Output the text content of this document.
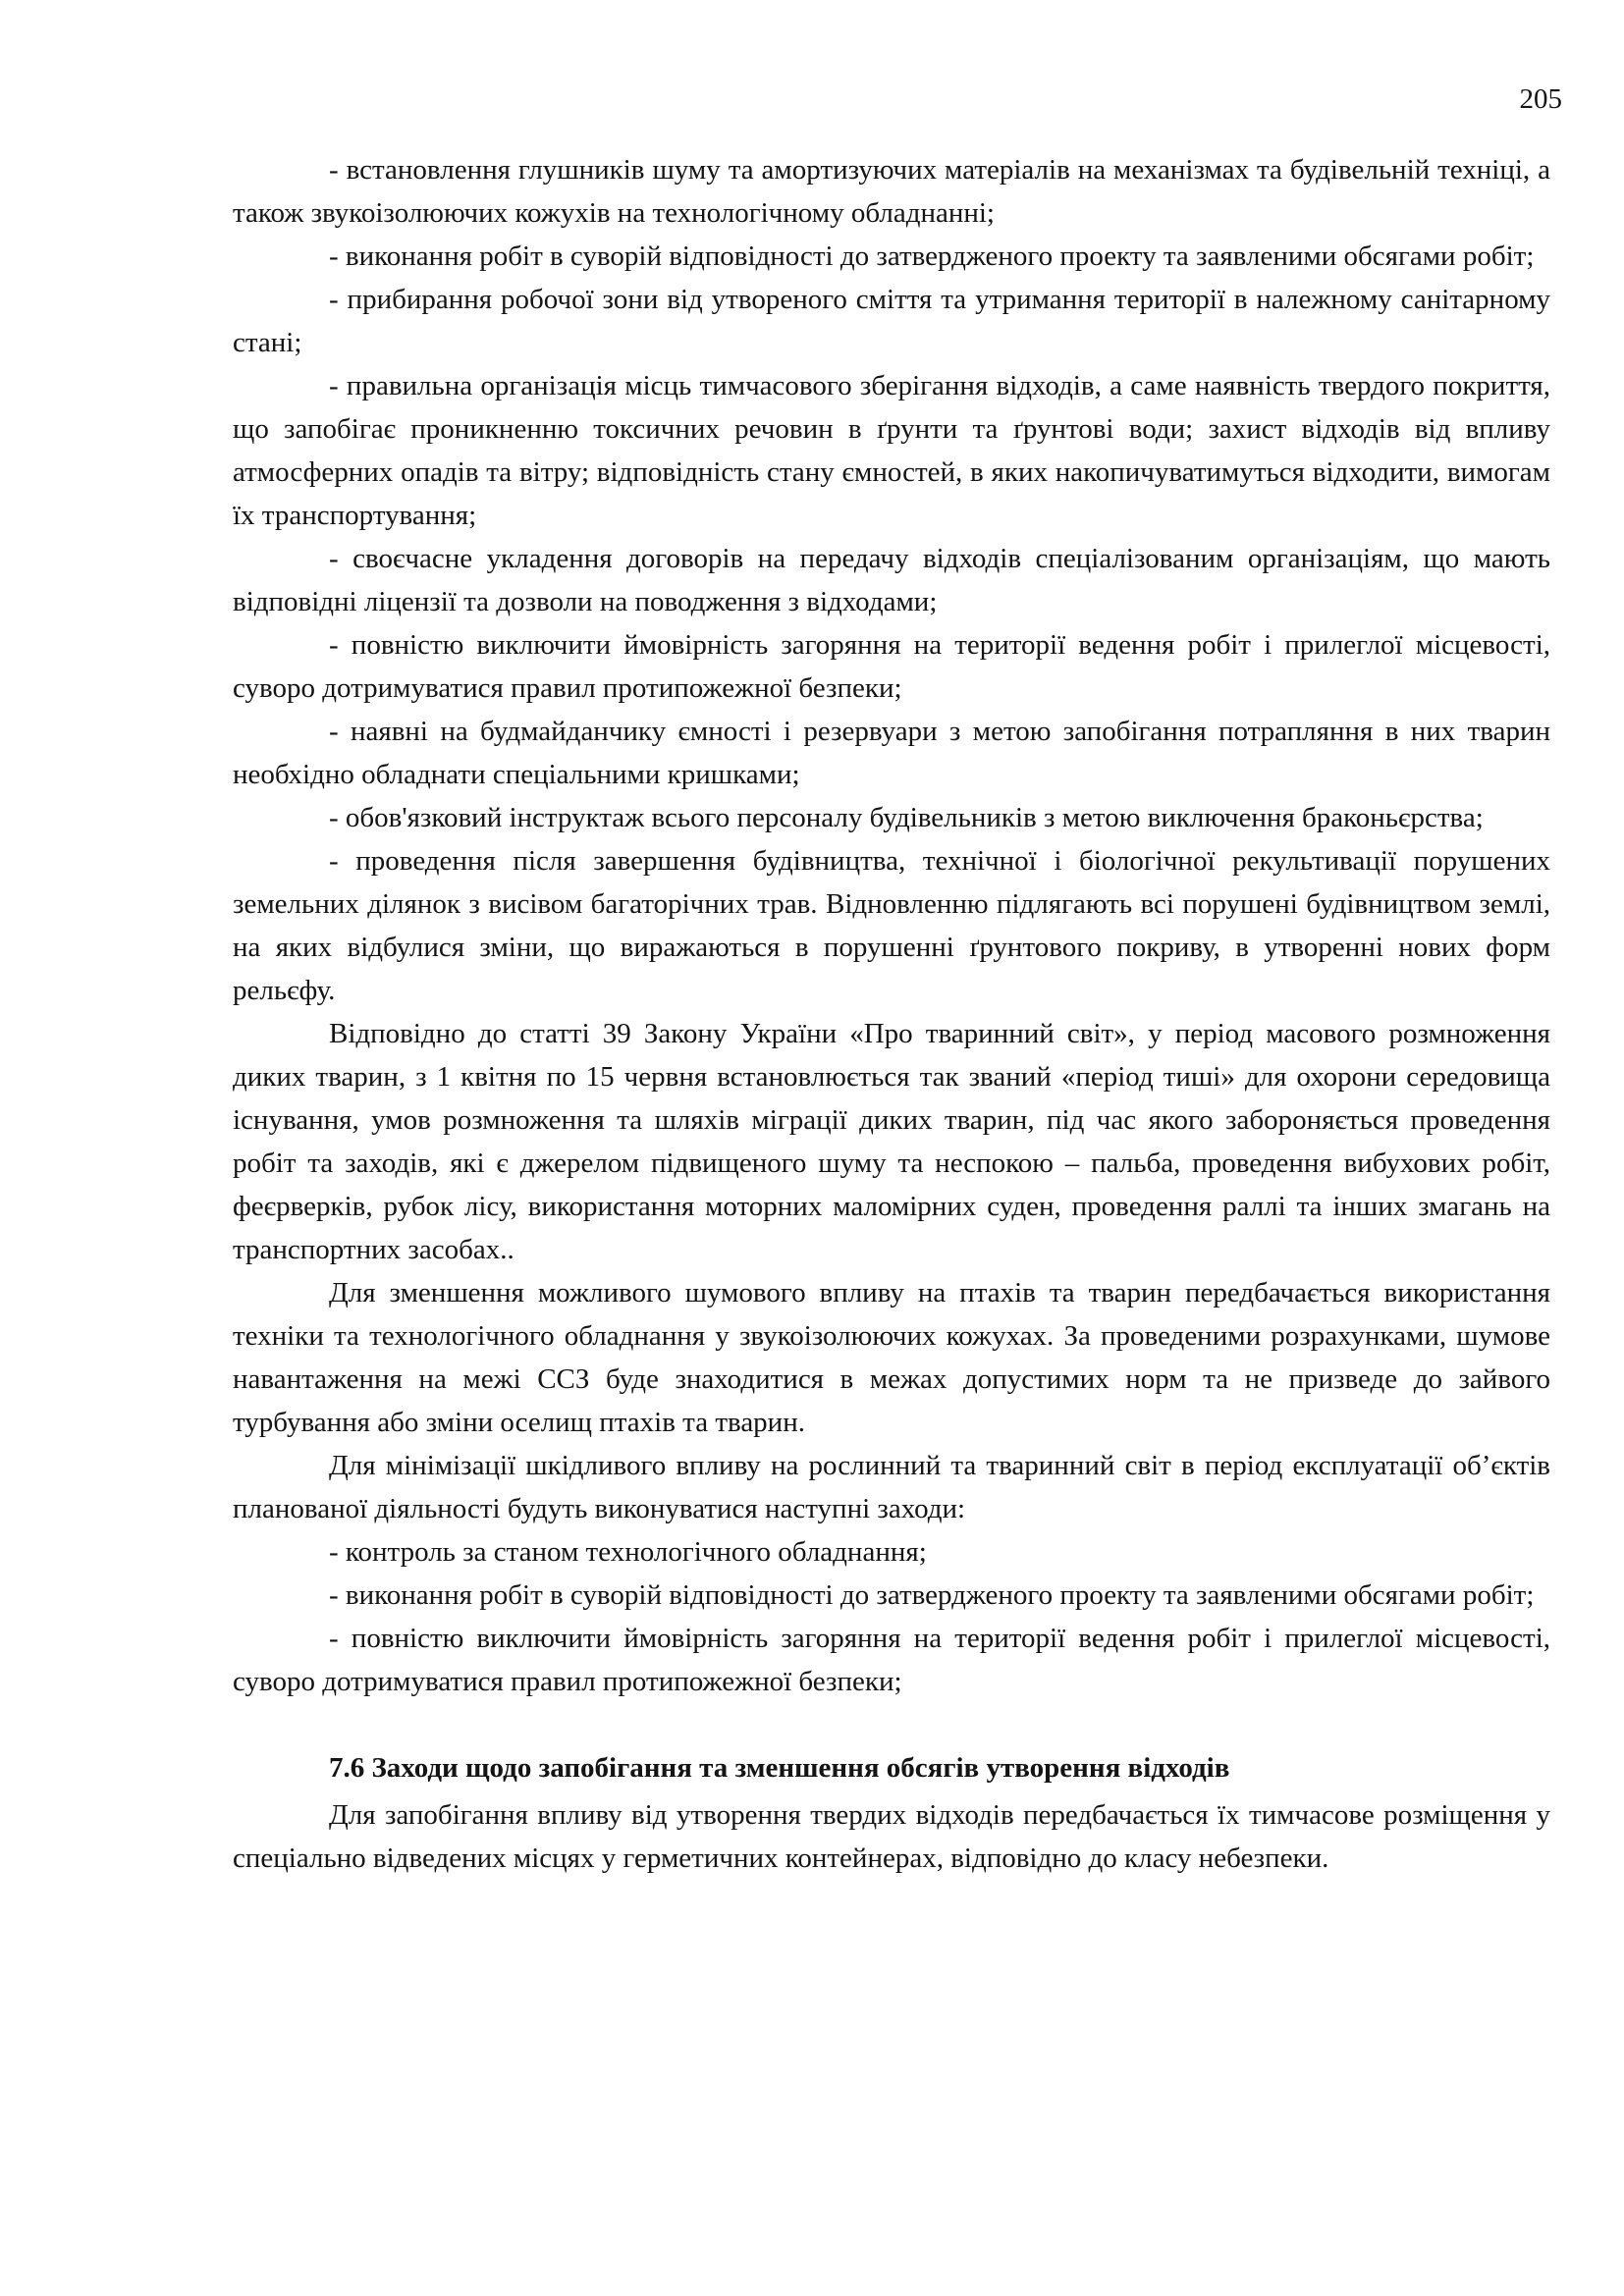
205

- встановлення глушників шуму та амортизуючих матеріалів на механізмах та будівельній техніці, а також звукоізолюючих кожухів на технологічному обладнанні;

- виконання робіт в суворій відповідності до затвердженого проекту та заявленими обсягами робіт;

- прибирання робочої зони від утвореного сміття та утримання території в належному санітарному стані;

- правильна організація місць тимчасового зберігання відходів, а саме наявність твердого покриття, що запобігає проникненню токсичних речовин в ґрунти та ґрунтові води; захист відходів від впливу атмосферних опадів та вітру; відповідність стану ємностей, в яких накопичуватимуться відходити, вимогам їх транспортування;

- своєчасне укладення договорів на передачу відходів спеціалізованим організаціям, що мають відповідні ліцензії та дозволи на поводження з відходами;

- повністю виключити ймовірність загоряння на території ведення робіт і прилеглої місцевості, суворо дотримуватися правил протипожежної безпеки;

- наявні на будмайданчику ємності і резервуари з метою запобігання потрапляння в них тварин необхідно обладнати спеціальними кришками;

- обов'язковий інструктаж всього персоналу будівельників з метою виключення браконьєрства;

- проведення після завершення будівництва, технічної і біологічної рекультивації порушених земельних ділянок з висівом багаторічних трав. Відновленню підлягають всі порушені будівництвом землі, на яких відбулися зміни, що виражаються в порушенні ґрунтового покриву, в утворенні нових форм рельєфу.

Відповідно до статті 39 Закону України «Про тваринний світ», у період масового розмноження диких тварин, з 1 квітня по 15 червня встановлюється так званий «період тиші» для охорони середовища існування, умов розмноження та шляхів міграції диких тварин, під час якого забороняється проведення робіт та заходів, які є джерелом підвищеного шуму та неспокою – пальба, проведення вибухових робіт, феєрверків, рубок лісу, використання моторних маломірних суден, проведення раллі та інших змагань на транспортних засобах..

Для зменшення можливого шумового впливу на птахів та тварин передбачається використання техніки та технологічного обладнання у звукоізолюючих кожухах. За проведеними розрахунками, шумове навантаження на межі ССЗ буде знаходитися в межах допустимих норм та не призведе до зайвого турбування або зміни оселищ птахів та тварин.

Для мінімізації шкідливого впливу на рослинний та тваринний світ в період експлуатації об’єктів планованої діяльності будуть виконуватися наступні заходи:

- контроль за станом технологічного обладнання;

- виконання робіт в суворій відповідності до затвердженого проекту та заявленими обсягами робіт;

- повністю виключити ймовірність загоряння на території ведення робіт і прилеглої місцевості, суворо дотримуватися правил протипожежної безпеки;

7.6 Заходи щодо запобігання та зменшення обсягів утворення відходів

Для запобігання впливу від утворення твердих відходів передбачається їх тимчасове розміщення у спеціально відведених місцях у герметичних контейнерах, відповідно до класу небезпеки.
